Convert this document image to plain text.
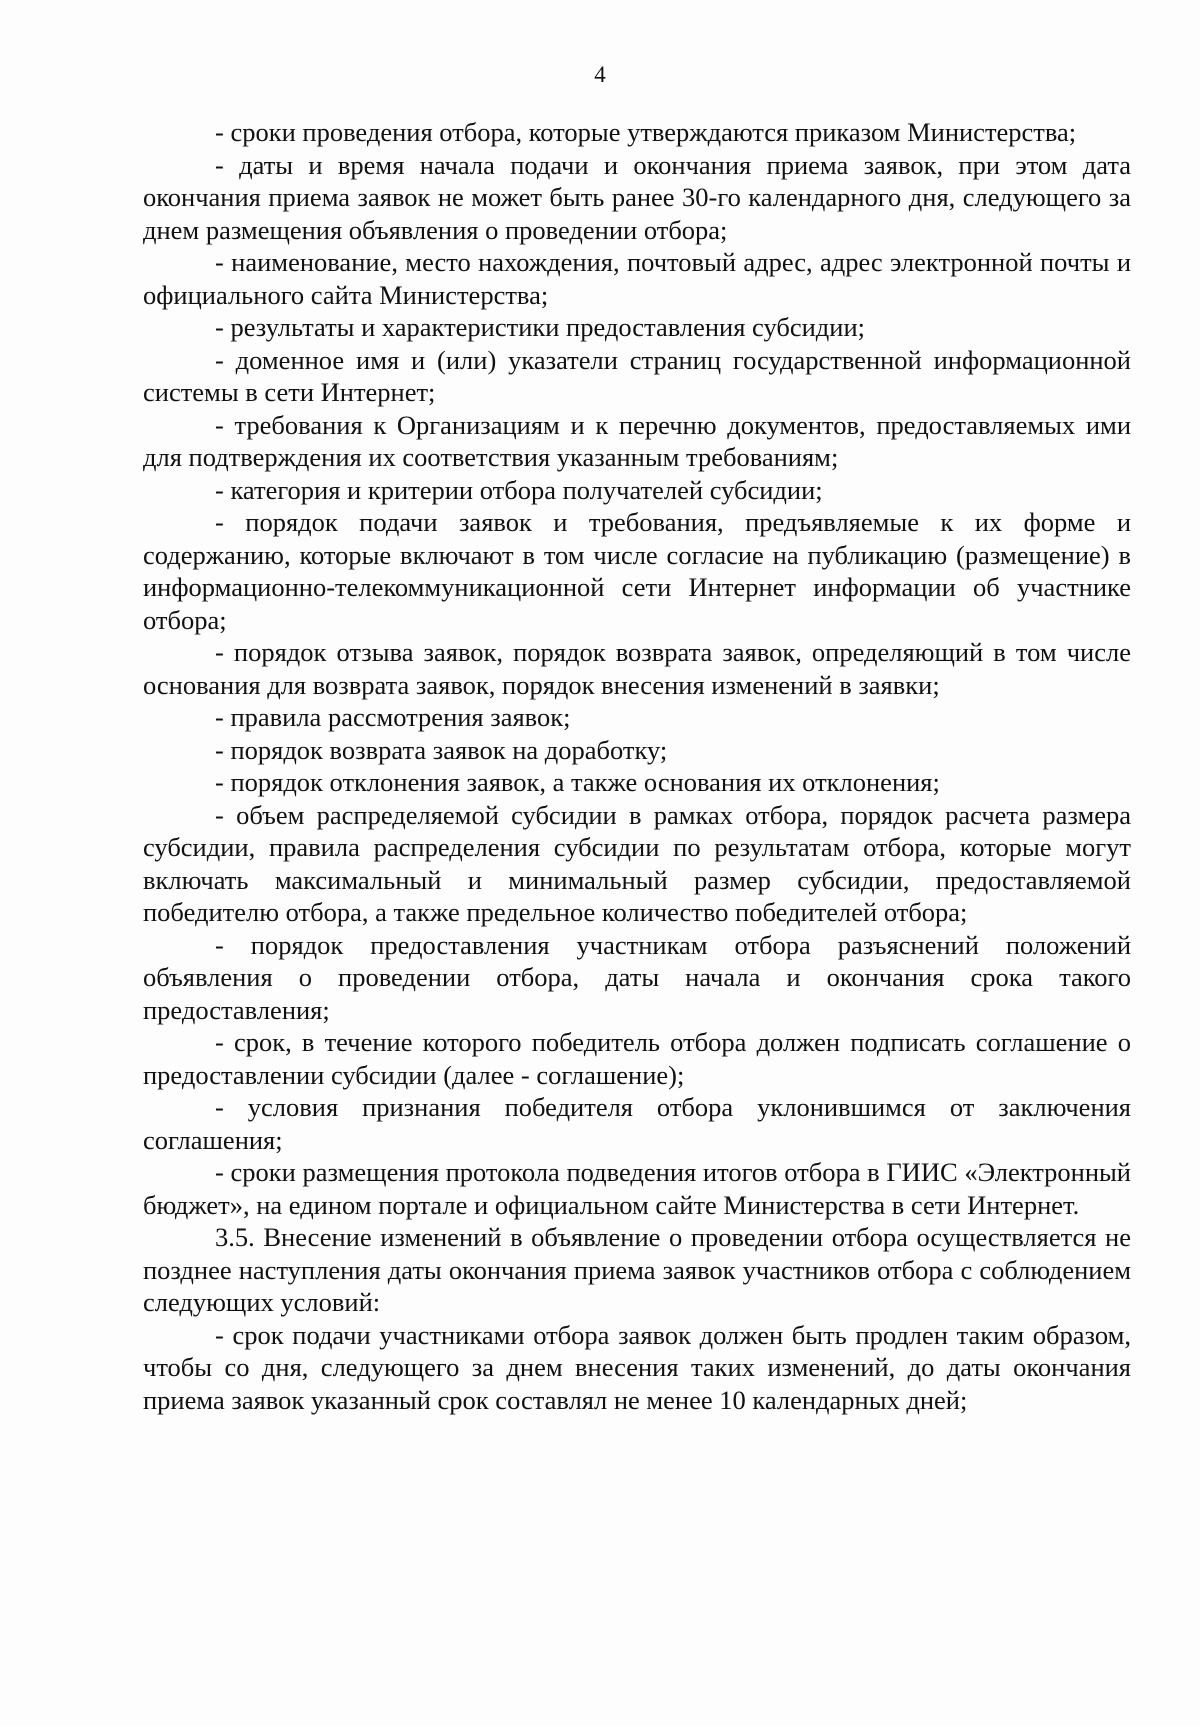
4

- сроки проведения отбора, которые утверждаются приказом Министерства;

- даты и время начала подачи и окончания приема заявок, при этом дата окончания приема заявок не может быть ранее 30-го календарного дня, следующего за днем размещения объявления о проведении отбора;

- наименование, место нахождения, почтовый адрес, адрес электронной почты и официального сайта Министерства;

- результаты и характеристики предоставления субсидии;

- доменное имя и (или) указатели страниц государственной информационной системы в сети Интернет;

- требования к Организациям и к перечню документов, предоставляемых ими для подтверждения их соответствия указанным требованиям;

- категория и критерии отбора получателей субсидии;

- порядок подачи заявок и требования, предъявляемые к их форме и содержанию, которые включают в том числе согласие на публикацию (размещение) в информационно-телекоммуникационной сети Интернет информации об участнике отбора;

- порядок отзыва заявок, порядок возврата заявок, определяющий в том числе основания для возврата заявок, порядок внесения изменений в заявки;

- правила рассмотрения заявок;

- порядок возврата заявок на доработку;

- порядок отклонения заявок, а также основания их отклонения;

- объем распределяемой субсидии в рамках отбора, порядок расчета размера субсидии, правила распределения субсидии по результатам отбора, которые могут включать максимальный и минимальный размер субсидии, предоставляемой победителю отбора, а также предельное количество победителей отбора;

- порядок предоставления участникам отбора разъяснений положений объявления о проведении отбора, даты начала и окончания срока такого предоставления;

- срок, в течение которого победитель отбора должен подписать соглашение о предоставлении субсидии (далее - соглашение);

- условия признания победителя отбора уклонившимся от заключения соглашения;

- сроки размещения протокола подведения итогов отбора в ГИИС «Электронный бюджет», на едином портале и официальном сайте Министерства в сети Интернет.

3.5. Внесение изменений в объявление о проведении отбора осуществляется не позднее наступления даты окончания приема заявок участников отбора с соблюдением следующих условий:

- срок подачи участниками отбора заявок должен быть продлен таким образом, чтобы со дня, следующего за днем внесения таких изменений, до даты окончания приема заявок указанный срок составлял не менее 10 календарных дней;
